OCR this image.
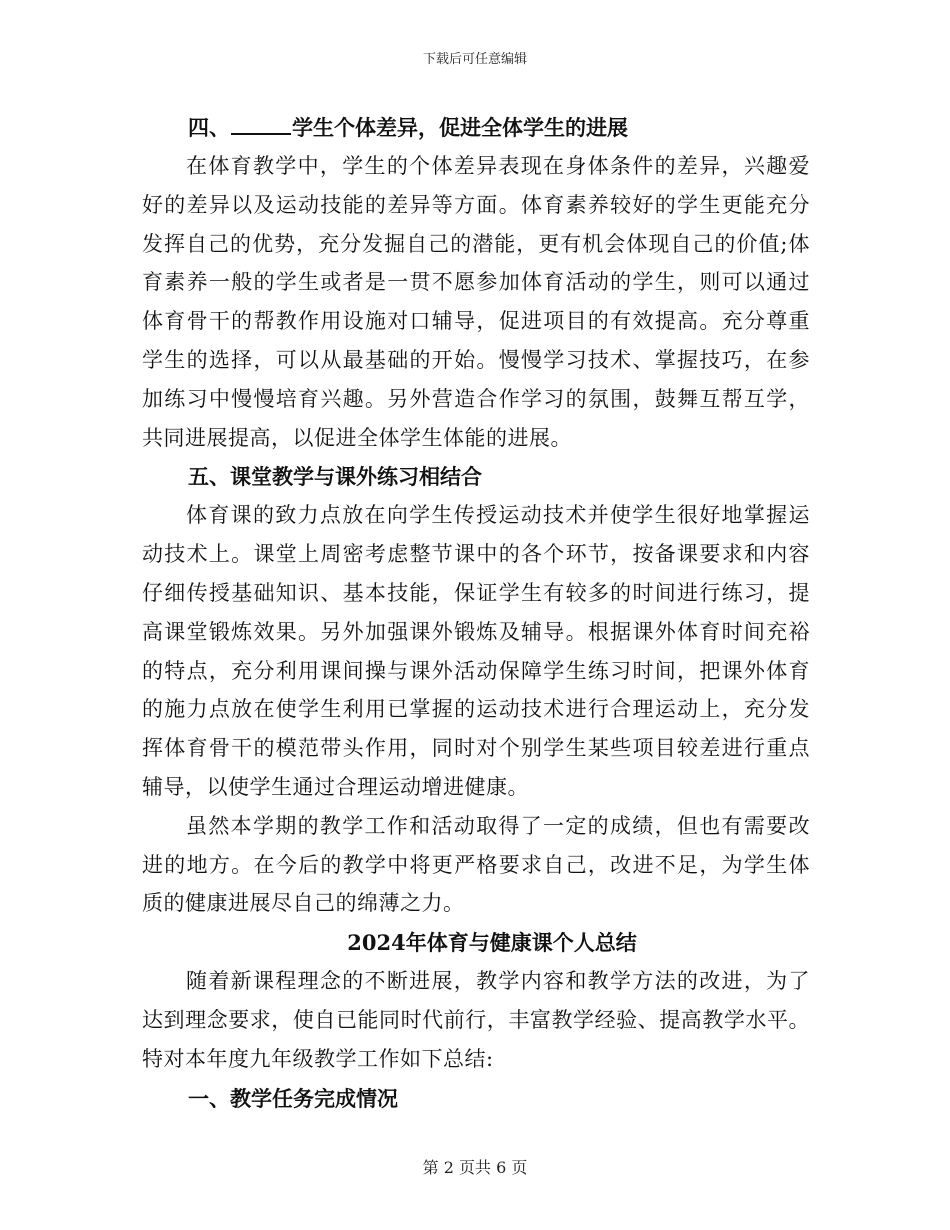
下载后可任意编辑
四、	学生个体差异，促进全体学生的进展
在体育教学中，学生的个体差异表现在身体条件的差异，兴趣爱
好的差异以及运动技能的差异等方面。体育素养较好的学生更能充分
发挥自己的优势，充分发掘自己的潜能，更有机会体现自己的价值;体
育素养一般的学生或者是一贯不愿参加体育活动的学生，则可以通过
体育骨干的帮教作用设施对口辅导，促进项目的有效提高。充分尊重
学生的选择，可以从最基础的开始。慢慢学习技术、掌握技巧，在参
加练习中慢慢培育兴趣。另外营造合作学习的氛围，鼓舞互帮互学，
共同进展提高，以促进全体学生体能的进展。
五、课堂教学与课外练习相结合
体育课的致力点放在向学生传授运动技术并使学生很好地掌握运
动技术上。课堂上周密考虑整节课中的各个环节，按备课要求和内容
仔细传授基础知识、基本技能，保证学生有较多的时间进行练习，提
高课堂锻炼效果。另外加强课外锻炼及辅导。根据课外体育时间充裕
的特点，充分利用课间操与课外活动保障学生练习时间，把课外体育
的施力点放在使学生利用已掌握的运动技术进行合理运动上，充分发
挥体育骨干的模范带头作用，同时对个别学生某些项目较差进行重点
辅导，以使学生通过合理运动增进健康。
虽然本学期的教学工作和活动取得了一定的成绩，但也有需要改
进的地方。在今后的教学中将更严格要求自己，改进不足，为学生体
质的健康进展尽自己的绵薄之力。
2024年体育与健康课个人总结
随着新课程理念的不断进展，教学内容和教学方法的改进，为了
达到理念要求，使自已能同时代前行，丰富教学经验、提高教学水平。
特对本年度九年级教学工作如下总结:
一、教学任务完成情况
第 2 页共 6 页
